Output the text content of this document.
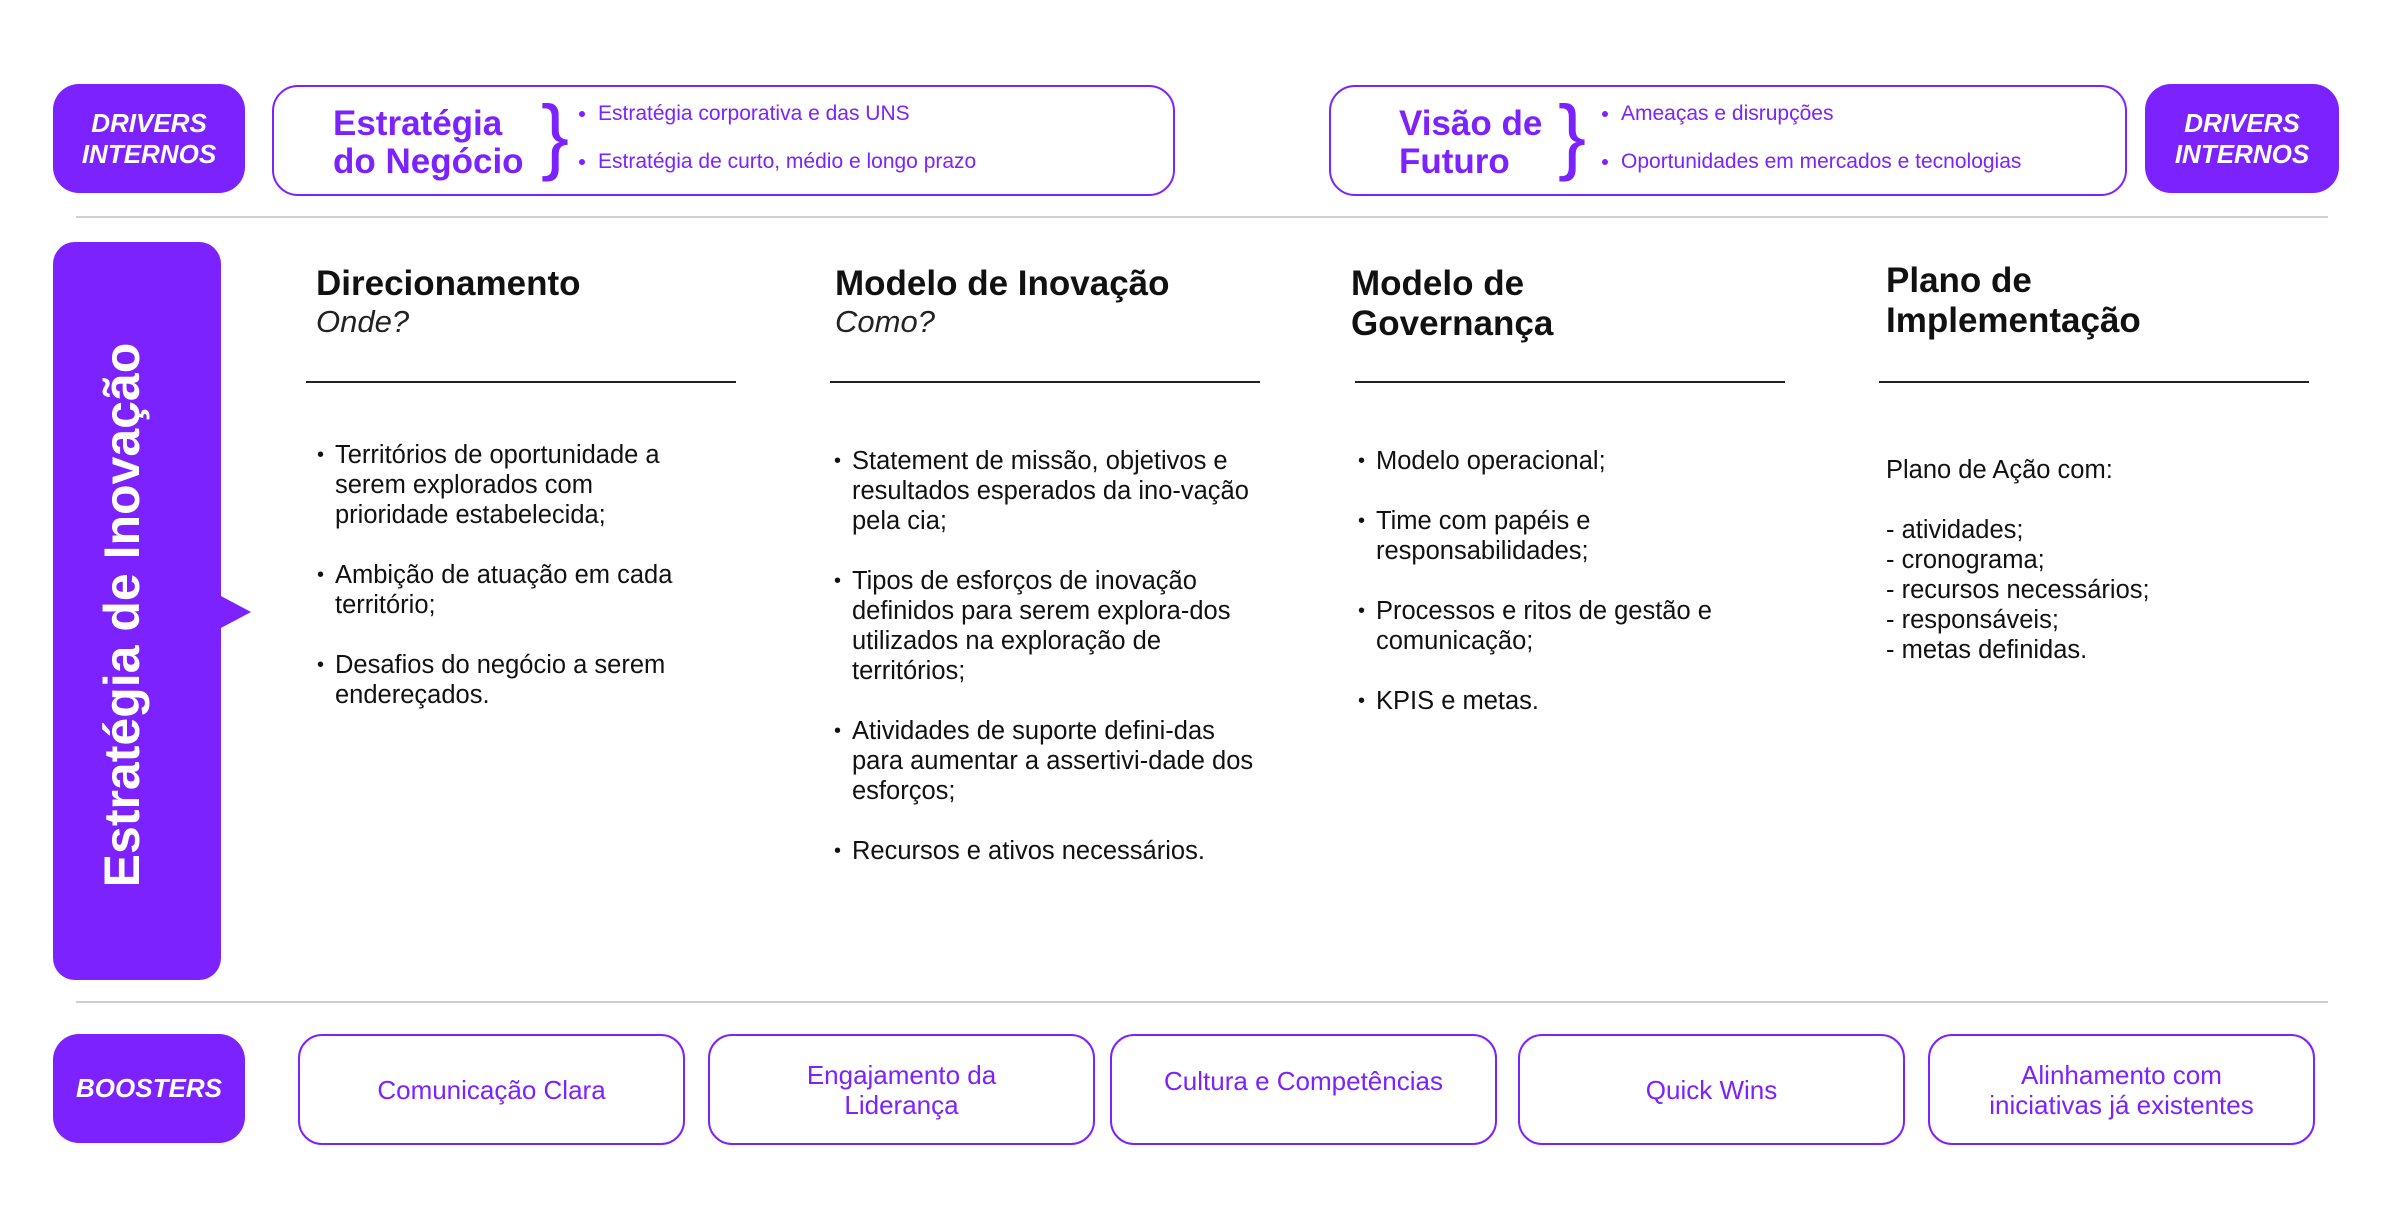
DRIVERS
INTERNOS
Estratégia
do Negócio } • Estratégia corporativa e das UNS
• Estratégia de curto, médio e longo prazo
Visão de
Futuro } • Ameaças e disrupções
• Oportunidades em mercados e tecnologias
DRIVERS
INTERNOS
Estratégia de Inovação
Direcionamento
Onde?
• Territórios de oportunidade a serem explorados com prioridade estabelecida;
• Ambição de atuação em cada território;
• Desafios do negócio a serem endereçados.
Modelo de Inovação
Como?
• Statement de missão, objetivos e resultados esperados da ino-vação pela cia;
• Tipos de esforços de inovação definidos para serem explora-dos utilizados na exploração de territórios;
• Atividades de suporte defini-das para aumentar a assertivi-dade dos esforços;
• Recursos e ativos necessários.
Modelo de
Governança
• Modelo operacional;
• Time com papéis e responsabilidades;
• Processos e ritos de gestão e comunicação;
• KPIS e metas.
Plano de
Implementação
Plano de Ação com:
- atividades;
- cronograma;
- recursos necessários;
- responsáveis;
- metas definidas.
BOOSTERS	Comunicação Clara	Engajamento da Liderança
Cultura e Competências	Quick Wins	Alinhamento com iniciativas já existentes
